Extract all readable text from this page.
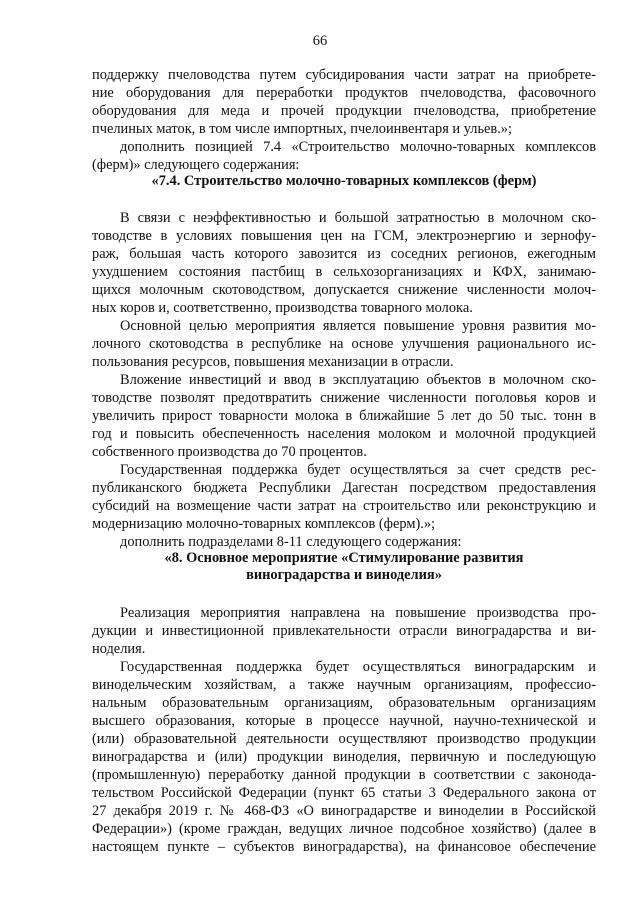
66
поддержку пчеловодства путем субсидирования части затрат на приобрете-
ние оборудования для переработки продуктов пчеловодства, фасовочного
оборудования для меда и прочей продукции пчеловодства, приобретение
пчелиных маток, в том числе импортных, пчелоинвентаря и ульев.»;
дополнить позицией 7.4 «Строительство молочно-товарных комплексов
(ферм)» следующего содержания:
«7.4. Строительство молочно-товарных комплексов (ферм)
В связи с неэффективностью и большой затратностью в молочном ско-
товодстве в условиях повышения цен на ГСМ, электроэнергию и зернофу-
раж, большая часть которого завозится из соседних регионов, ежегодным
ухудшением состояния пастбищ в сельхозорганизациях и КФХ, занимаю-
щихся молочным скотоводством, допускается снижение численности молоч-
ных коров и, соответственно, производства товарного молока.
Основной целью мероприятия является повышение уровня развития мо-
лочного скотоводства в республике на основе улучшения рационального ис-
пользования ресурсов, повышения механизации в отрасли.
Вложение инвестиций и ввод в эксплуатацию объектов в молочном ско-
товодстве позволят предотвратить снижение численности поголовья коров и
увеличить прирост товарности молока в ближайшие 5 лет до 50 тыс. тонн в
год и повысить обеспеченность населения молоком и молочной продукцией
собственного производства до 70 процентов.
Государственная поддержка будет осуществляться за счет средств рес-
публиканского бюджета Республики Дагестан посредством предоставления
субсидий на возмещение части затрат на строительство или реконструкцию и
модернизацию молочно-товарных комплексов (ферм).»;
дополнить подразделами 8-11 следующего содержания:
«8. Основное мероприятие «Стимулирование развития
виноградарства и виноделия»
Реализация мероприятия направлена на повышение производства про-
дукции и инвестиционной привлекательности отрасли виноградарства и ви-
ноделия.
Государственная поддержка будет осуществляться виноградарским и
винодельческим хозяйствам, а также научным организациям, профессио-
нальным образовательным организациям, образовательным организациям
высшего образования, которые в процессе научной, научно-технической и
(или) образовательной деятельности осуществляют производство продукции
виноградарства и (или) продукции виноделия, первичную и последующую
(промышленную) переработку данной продукции в соответствии с законода-
тельством Российской Федерации (пункт 65 статьи 3 Федерального закона от
27 декабря 2019 г. № 468-ФЗ «О виноградарстве и виноделии в Российской
Федерации») (кроме граждан, ведущих личное подсобное хозяйство) (далее в
настоящем пункте – субъектов виноградарства), на финансовое обеспечение
